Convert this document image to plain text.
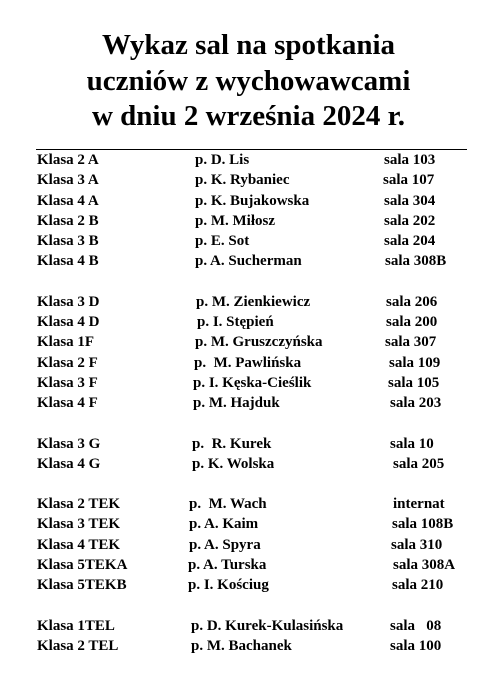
Wykaz sal na spotkania
uczniów z wychowawcami
w dniu 2 września 2024 r.
Klasa 2 A	p. D. Lis	sala 103
Klasa 3 A	p. K. Rybaniec	sala 107
Klasa 4 A	p. K. Bujakowska	sala 304
Klasa 2 B	p. M. Miłosz	sala 202
Klasa 3 B	p. E. Sot	sala 204
Klasa 4 B	p. A. Sucherman	sala 308B
Klasa 3 D	p. M. Zienkiewicz	sala 206
Klasa 4 D	p. I. Stępień	sala 200
Klasa 1F	p. M. Gruszczyńska	sala 307
Klasa 2 F	p.  M. Pawlińska	sala 109
Klasa 3 F	p. I. Kęska-Cieślik	sala 105
Klasa 4 F	p. M. Hajduk	sala 203
Klasa 3 G	p.  R. Kurek	sala 10
Klasa 4 G	p. K. Wolska	sala 205
Klasa 2 TEK	p.  M. Wach	internat
Klasa 3 TEK	p. A. Kaim	sala 108B
Klasa 4 TEK	p. A. Spyra	sala 310
Klasa 5TEKA	p. A. Turska	sala 308A
Klasa 5TEKB	p. I. Kościug	sala 210
Klasa 1TEL	p. D. Kurek-Kulasińska	sala   08
Klasa 2 TEL	p. M. Bachanek	sala 100
